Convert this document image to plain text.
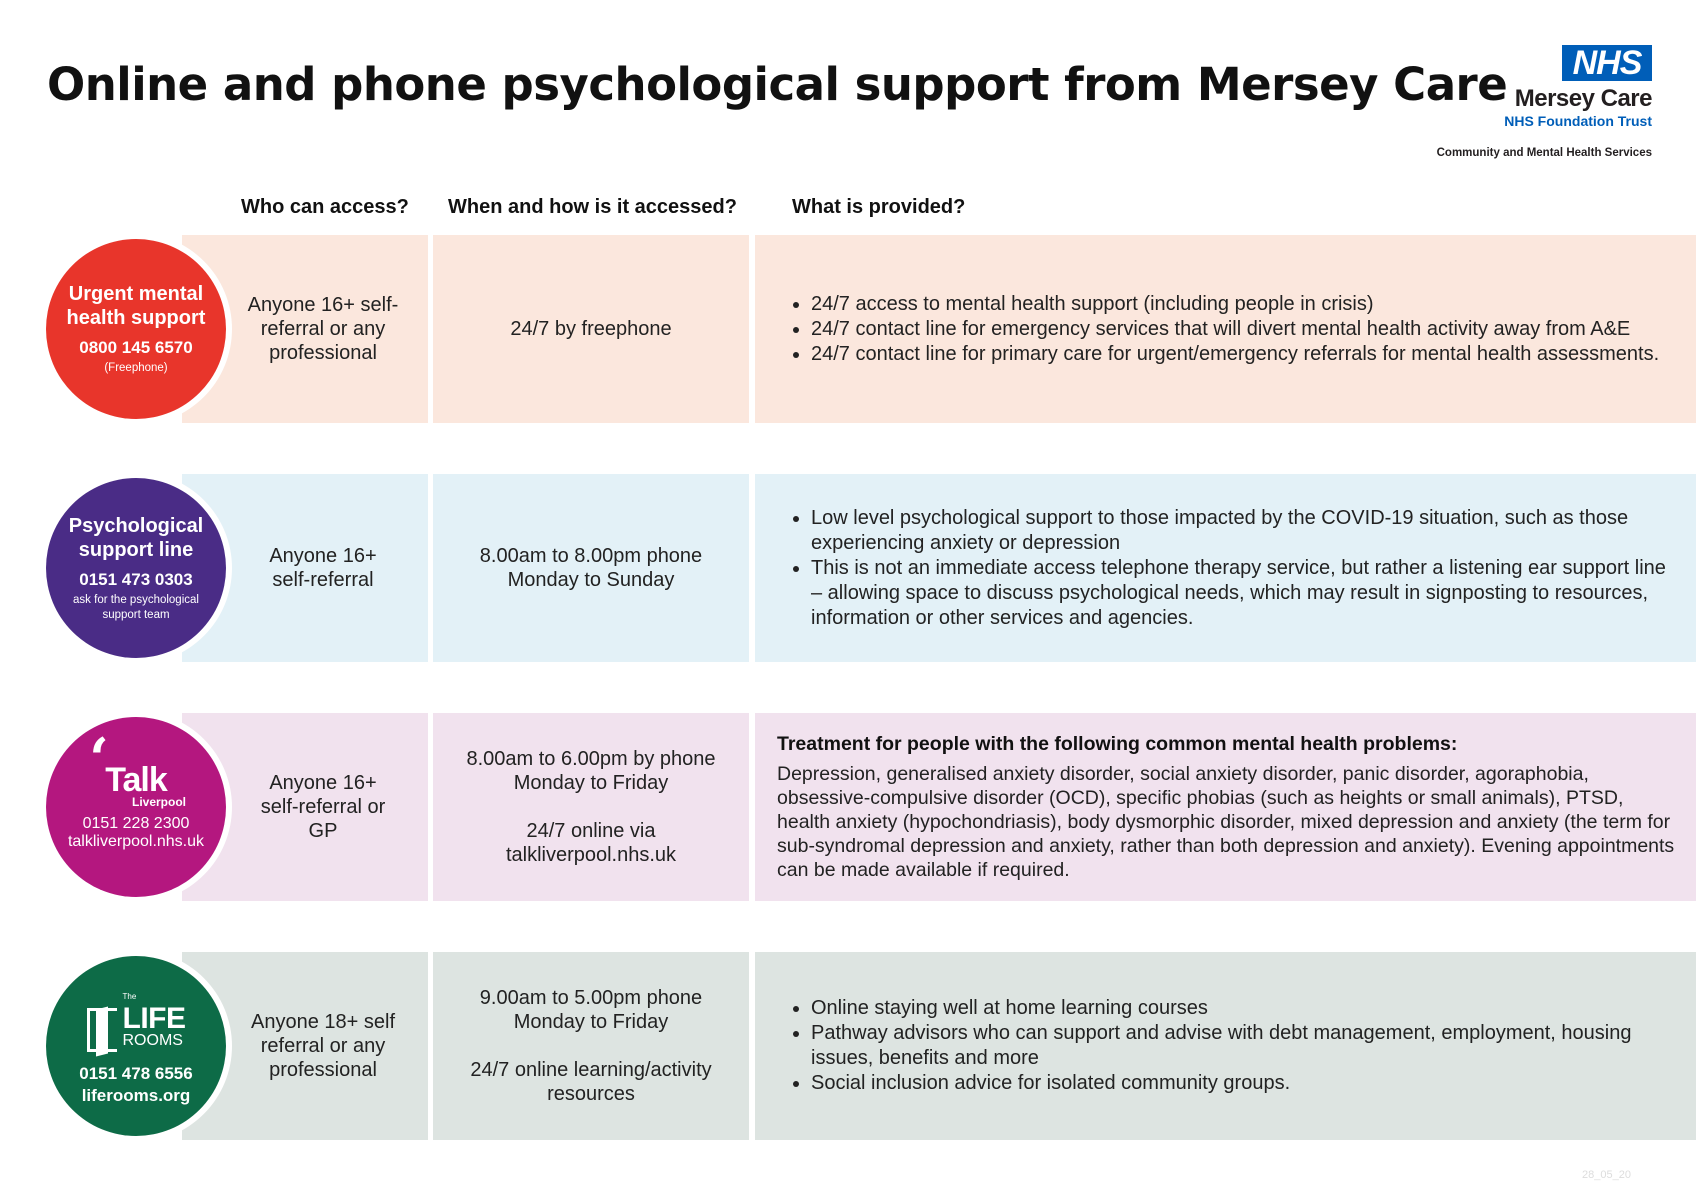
Online and phone psychological support from Mersey Care	NHS
Mersey Care
NHS Foundation Trust
Community and Mental Health Services
Who can access? When and how is it accessed?	What is provided?
Anyone 16+ self-referral or any professional
24/7 by freephone
• 24/7 access to mental health support (including people in crisis)
• 24/7 contact line for emergency services that will divert mental health activity away from A&E
• 24/7 contact line for primary care for urgent/emergency referrals for mental health assessments.
Urgent mental health support
0800 145 6570
(Freephone)
Anyone 16+ self-referral
8.00am to 8.00pm phone Monday to Sunday
• Low level psychological support to those impacted by the COVID-19 situation, such as those experiencing anxiety or depression
• This is not an immediate access telephone therapy service, but rather a listening ear support line – allowing space to discuss psychological needs, which may result in signposting to resources, information or other services and agencies.
Psychological support line
0151 473 0303
ask for the psychological support team
Anyone 16+ self-referral or GP
8.00am to 6.00pm by phone Monday to Friday
24/7 online via talkliverpool.nhs.uk
Treatment for people with the following common mental health problems:
Depression, generalised anxiety disorder, social anxiety disorder, panic disorder, agoraphobia, obsessive-compulsive disorder (OCD), specific phobias (such as heights or small animals), PTSD, health anxiety (hypochondriasis), body dysmorphic disorder, mixed depression and anxiety (the term for sub-syndromal depression and anxiety, rather than both depression and anxiety). Evening appointments can be made available if required.
‘
Talk
Liverpool
0151 228 2300
talkliverpool.nhs.uk
Anyone 18+ self referral or any professional
9.00am to 5.00pm phone Monday to Friday
24/7 online learning/activity resources
• Online staying well at home learning courses
• Pathway advisors who can support and advise with debt management, employment, housing issues, benefits and more
• Social inclusion advice for isolated community groups.
The
LIFE
ROOMS
0151 478 6556
liferooms.org
28_05_20
